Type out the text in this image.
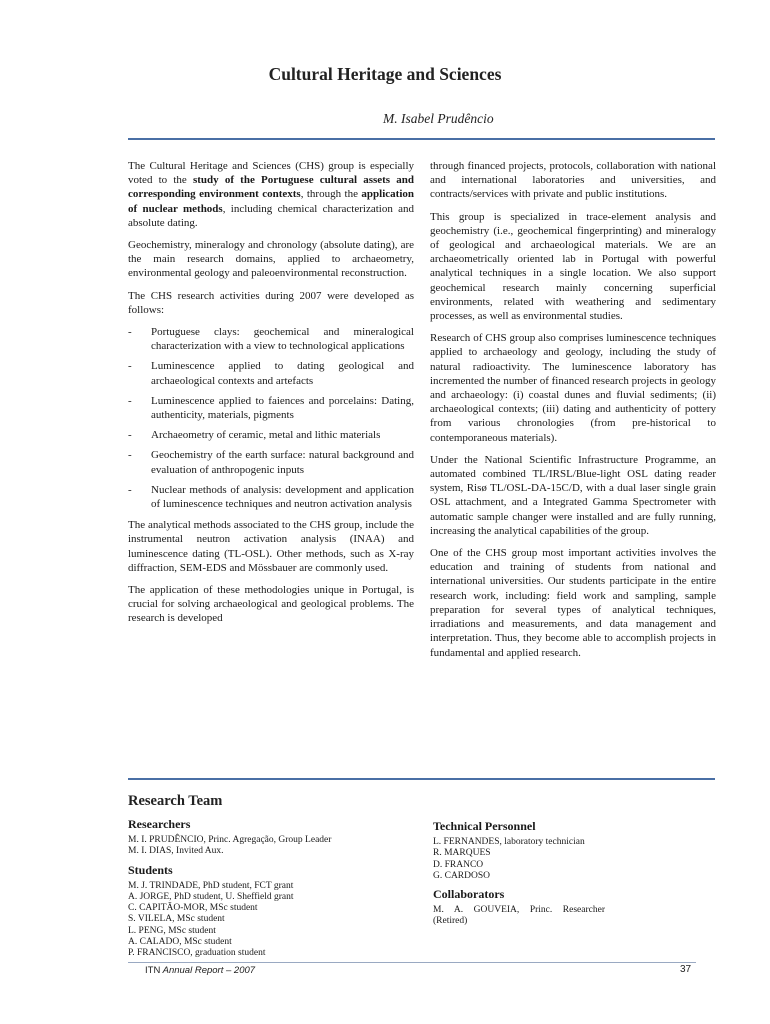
Cultural Heritage and Sciences
M. Isabel Prudêncio

The Cultural Heritage and Sciences (CHS) group is especially voted to the study of the Portuguese cultural assets and corresponding environment contexts, through the application of nuclear methods, including chemical characterization and absolute dating.

Geochemistry, mineralogy and chronology (absolute dating), are the main research domains, applied to archaeometry, environmental geology and paleoenvironmental reconstruction.

The CHS research activities during 2007 were developed as follows:

- Portuguese clays: geochemical and mineralogical characterization with a view to technological applications
- Luminescence applied to dating geological and archaeological contexts and artefacts
- Luminescence applied to faiences and porcelains: Dating, authenticity, materials, pigments
- Archaeometry of ceramic, metal and lithic materials
- Geochemistry of the earth surface: natural background and evaluation of anthropogenic inputs
- Nuclear methods of analysis: development and application of luminescence techniques and neutron activation analysis

The analytical methods associated to the CHS group, include the instrumental neutron activation analysis (INAA) and luminescence dating (TL-OSL). Other methods, such as X-ray diffraction, SEM-EDS and Mössbauer are commonly used.

The application of these methodologies unique in Portugal, is crucial for solving archaeological and geological problems. The research is developed

through financed projects, protocols, collaboration with national and international laboratories and universities, and contracts/services with private and public institutions.

This group is specialized in trace-element analysis and geochemistry (i.e., geochemical fingerprinting) and mineralogy of geological and archaeological materials. We are an archaeometrically oriented lab in Portugal with powerful analytical techniques in a single location. We also support geochemical research mainly concerning superficial environments, related with weathering and sedimentary processes, as well as environmental studies.

Research of CHS group also comprises luminescence techniques applied to archaeology and geology, including the study of natural radioactivity. The luminescence laboratory has incremented the number of financed research projects in geology and archaeology: (i) coastal dunes and fluvial sediments; (ii) archaeological contexts; (iii) dating and authenticity of pottery from various chronologies (from pre-historical to contemporaneous materials).

Under the National Scientific Infrastructure Programme, an automated combined TL/IRSL/Blue-light OSL dating reader system, Risø TL/OSL-DA-15C/D, with a dual laser single grain OSL attachment, and a Integrated Gamma Spectrometer with automatic sample changer were installed and are fully running, increasing the analytical capabilities of the group.

One of the CHS group most important activities involves the education and training of students from national and international universities. Our students participate in the entire research work, including: field work and sampling, sample preparation for several types of analytical techniques, irradiations and measurements, and data management and interpretation. Thus, they become able to accomplish projects in fundamental and applied research.

Research Team
Researchers
M. I. PRUDÊNCIO, Princ. Agregação, Group Leader
M. I. DIAS, Invited Aux.
Students
M. J. TRINDADE, PhD student, FCT grant
A. JORGE, PhD student, U. Sheffield grant
C. CAPITÃO-MOR, MSc student
S. VILELA, MSc student
L. PENG, MSc student
A. CALADO, MSc student
P. FRANCISCO, graduation student
Technical Personnel
L. FERNANDES, laboratory technician
R. MARQUES
D. FRANCO
G. CARDOSO
Collaborators
M. A. GOUVEIA, Princ. Researcher (Retired)
ITN Annual Report – 2007	37
